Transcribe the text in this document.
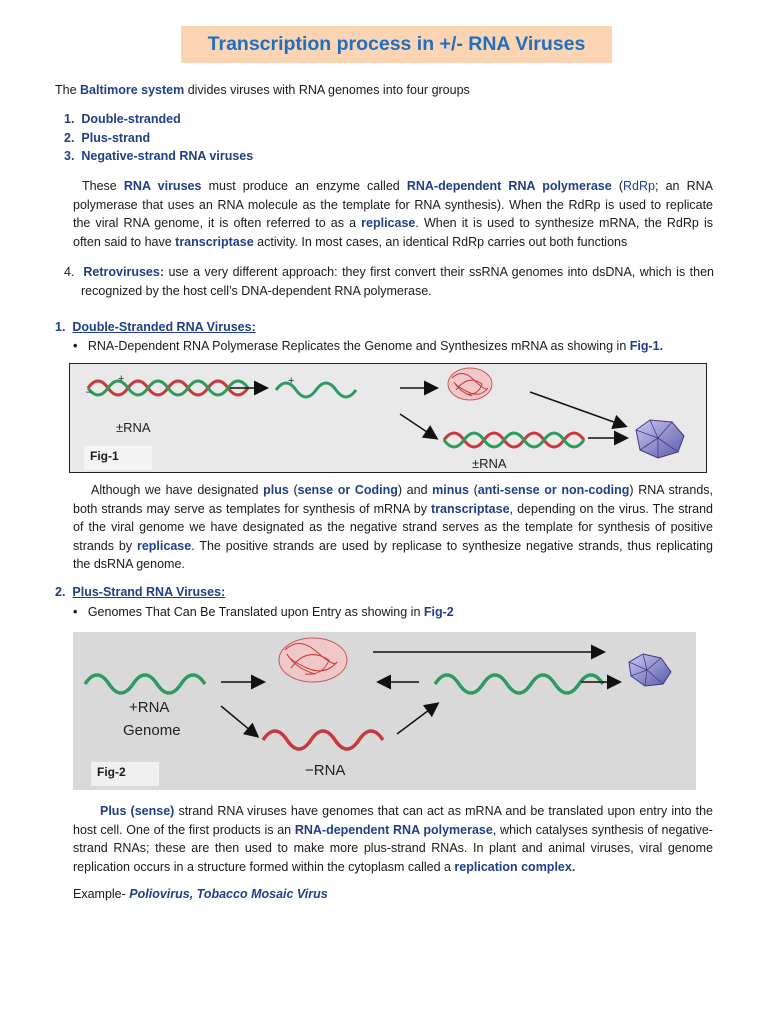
Transcription process in +/- RNA Viruses
The Baltimore system divides viruses with RNA genomes into four groups
1. Double-stranded
2. Plus-strand
3. Negative-strand RNA viruses
These RNA viruses must produce an enzyme called RNA-dependent RNA polymerase (RdRp; an RNA
polymerase that uses an RNA molecule as the template for RNA synthesis). When the RdRp is used to replicate
the viral RNA genome, it is often referred to as a replicase. When it is used to synthesize mRNA, the RdRp is
often said to have transcriptase activity. In most cases, an identical RdRp carries out both functions
4. Retroviruses: use a very different approach: they first convert their ssRNA genomes into dsDNA, which is then
recognized by the host cell’s DNA-dependent RNA polymerase.
1. Double-Stranded RNA Viruses:
• RNA-Dependent RNA Polymerase Replicates the Genome and Synthesizes mRNA as showing in Fig-1.
+
–
±RNA
+
±RNA
Fig-1
Although we have designated plus (sense or Coding) and minus (anti-sense or non-coding) RNA strands,
both strands may serve as templates for synthesis of mRNA by transcriptase, depending on the virus. The strand
of the viral genome we have designated as the negative strand serves as the template for synthesis of positive
strands by replicase. The positive strands are used by replicase to synthesize negative strands, thus replicating
the dsRNA genome.
2. Plus-Strand RNA Viruses:
• Genomes That Can Be Translated upon Entry as showing in Fig-2
+RNA
Genome
−RNA
Fig-2
Plus (sense) strand RNA viruses have genomes that can act as mRNA and be translated upon entry into the
host cell. One of the first products is an RNA-dependent RNA polymerase, which catalyses synthesis of negative-
strand RNAs; these are then used to make more plus-strand RNAs. In plant and animal viruses, viral genome
replication occurs in a structure formed within the cytoplasm called a replication complex.
Example- Poliovirus, Tobacco Mosaic Virus
